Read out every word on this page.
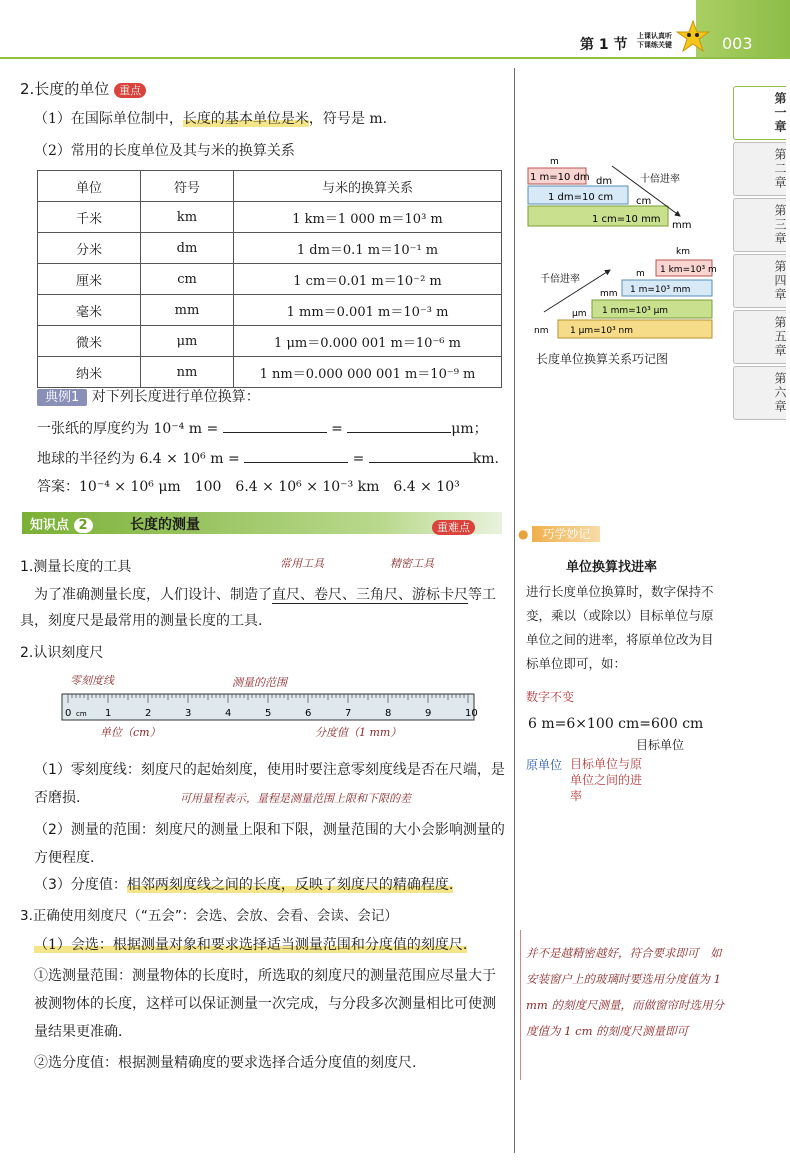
第 1 节
上课认真听
下课练关键	003
第一章
第二章
第三章
第四章
第五章
第六章
2.长度的单位 重点
（1）在国际单位制中，长度的基本单位是米，符号是 m.
（2）常用的长度单位及其与米的换算关系
单位	符号	与米的换算关系
千米	km	1 km＝1 000 m＝10³ m
分米	dm	1 dm＝0.1 m＝10⁻¹ m
厘米	cm	1 cm＝0.01 m＝10⁻² m
毫米	mm	1 mm＝0.001 m＝10⁻³ m
微米	μm	1 μm＝0.000 001 m＝10⁻⁶ m
纳米	nm	1 nm＝0.000 000 001 m＝10⁻⁹ m
典例1 对下列长度进行单位换算：
一张纸的厚度约为 10⁻⁴ m =	=	μm；
地球的半径约为 6.4 × 10⁶ m =	=	km.
答案：10⁻⁴ × 10⁶ μm　100　6.4 × 10⁶ × 10⁻³ km　6.4 × 10³
m
1 m=10 dm dm
1 dm=10 cm cm
1 cm=10 mm
mm
十倍进率
km
1 km=10³ m
m
1 m=10³ mm
mm
1 mm=10³ μm
μm
1 μm=10³ nm
nm
千倍进率
长度单位换算关系巧记图
知识点 2	长度的测量	重难点	● 巧学妙记
单位换算找进率
进行长度单位换算时，数字保持不变，乘以（或除以）目标单位与原单位之间的进率，将原单位改为目标单位即可，如：
数字不变
6 m=6×100 cm=600 cm
目标单位
原单位 目标单位与原单位之间的进率
1.测量长度的工具	常用工具	精密工具
为了准确测量长度，人们设计、制造了直尺、卷尺、三角尺、游标卡尺等工具，刻度尺是最常用的测量长度的工具.
2.认识刻度尺
零刻度线	测量的范围
0	1	2	3	4	5	6	7	8	9	10
cm
单位（cm）	分度值（1 mm）
（1）零刻度线：刻度尺的起始刻度，使用时要注意零刻度线是否在尺端，是否磨损.	可用量程表示，量程是测量范围上限和下限的差
（2）测量的范围：刻度尺的测量上限和下限，测量范围的大小会影响测量的方便程度.
（3）分度值：相邻两刻度线之间的长度，反映了刻度尺的精确程度.
3.正确使用刻度尺（“五会”：会选、会放、会看、会读、会记）
（1）会选：根据测量对象和要求选择适当测量范围和分度值的刻度尺.
①选测量范围：测量物体的长度时，所选取的刻度尺的测量范围应尽量大于被测物体的长度，这样可以保证测量一次完成，与分段多次测量相比可使测量结果更准确.
②选分度值：根据测量精确度的要求选择合适分度值的刻度尺.
并不是越精密越好，符合要求即可　如安装窗户上的玻璃时要选用分度值为 1 mm 的刻度尺测量，而做窗帘时选用分度值为 1 cm 的刻度尺测量即可
